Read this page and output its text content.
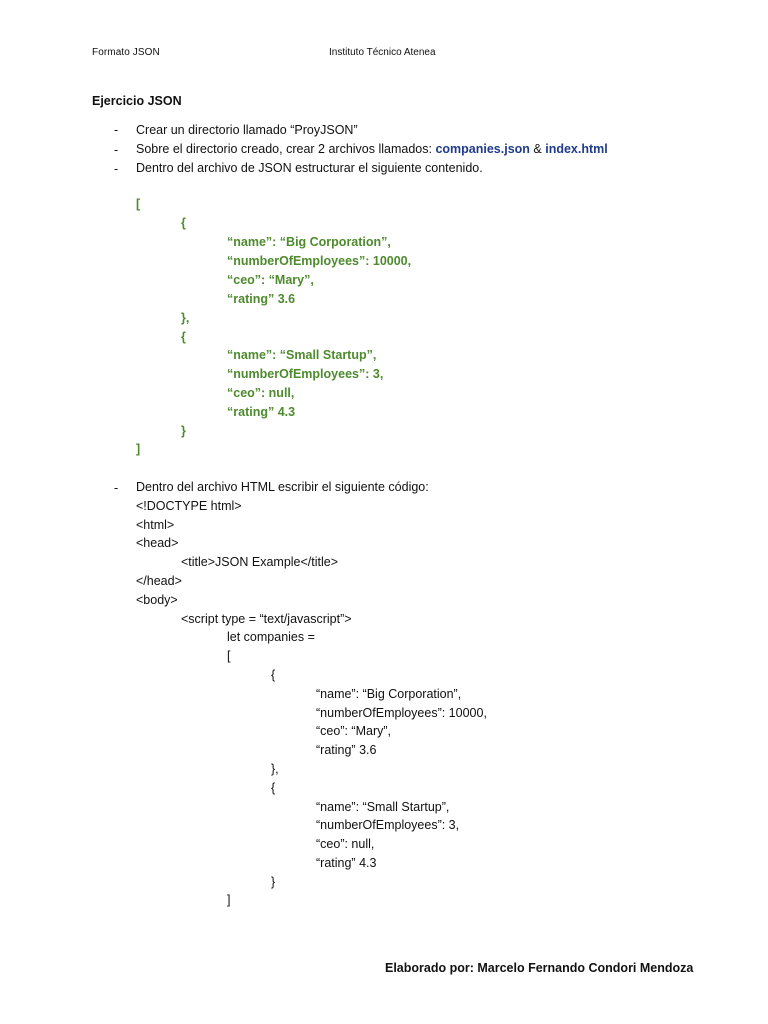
Formato JSON	Instituto Técnico Atenea
Ejercicio JSON
- Crear un directorio llamado “ProyJSON”
- Sobre el directorio creado, crear 2 archivos llamados: companies.json & index.html
- Dentro del archivo de JSON estructurar el siguiente contenido.
[
{
“name”: “Big Corporation”,
“numberOfEmployees”: 10000,
“ceo”: “Mary”,
“rating” 3.6
},
{
“name”: “Small Startup”,
“numberOfEmployees”: 3,
“ceo”: null,
“rating” 4.3
}
]
- Dentro del archivo HTML escribir el siguiente código:
<!DOCTYPE html>
<html>
<head>
<title>JSON Example</title>
</head>
<body>
<script type = “text/javascript”>
let companies =
[
{
“name”: “Big Corporation”,
“numberOfEmployees”: 10000,
“ceo”: “Mary”,
“rating” 3.6
},
{
“name”: “Small Startup”,
“numberOfEmployees”: 3,
“ceo”: null,
“rating” 4.3
}
]
Elaborado por: Marcelo Fernando Condori Mendoza
